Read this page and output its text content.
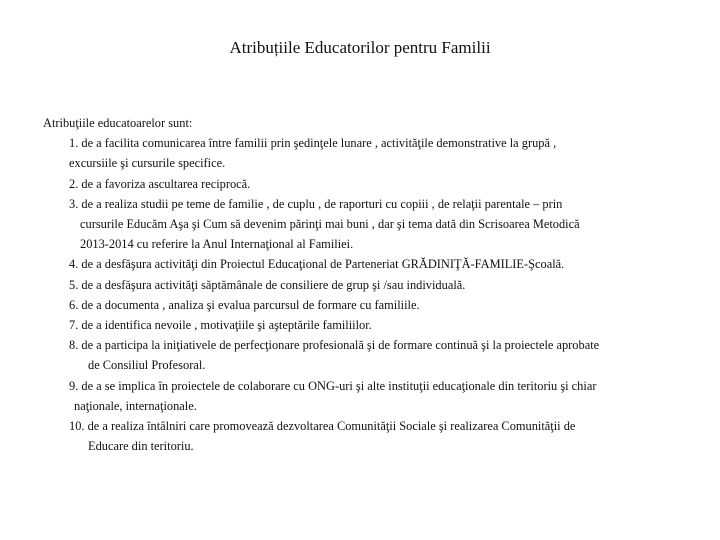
Atribuțiile Educatorilor pentru Familii
Atribuţiile educatoarelor sunt:
1. de a facilita comunicarea între familii prin şedinţele lunare , activităţile demonstrative la grupă ,
excursiile şi cursurile specifice.
2. de a favoriza ascultarea reciprocă.
3. de a realiza studii pe teme de familie , de cuplu , de raporturi cu copiii , de relaţii parentale – prin
cursurile Educăm Aşa şi Cum să devenim părinţi mai buni , dar şi tema dată din Scrisoarea Metodică
2013-2014 cu referire la Anul Internaţional al Familiei.
4. de a desfăşura activităţi din Proiectul Educaţional de Parteneriat GRĂDINIŢĂ-FAMILIE-Şcoală.
5. de a desfăşura activităţi săptămânale de consiliere de grup şi /sau individuală.
6. de a documenta , analiza şi evalua parcursul de formare cu familiile.
7. de a identifica nevoile , motivaţiile şi aşteptările familiilor.
8. de a participa la iniţiativele de perfecţionare profesională şi de formare continuă şi la proiectele aprobate
de Consiliul Profesoral.
9. de a se implica în proiectele de colaborare cu ONG-uri şi alte instituţii educaţionale din teritoriu şi chiar
naţionale, internaţionale.
10. de a realiza întâlniri care promovează dezvoltarea Comunităţii Sociale şi realizarea Comunităţii de
Educare din teritoriu.
